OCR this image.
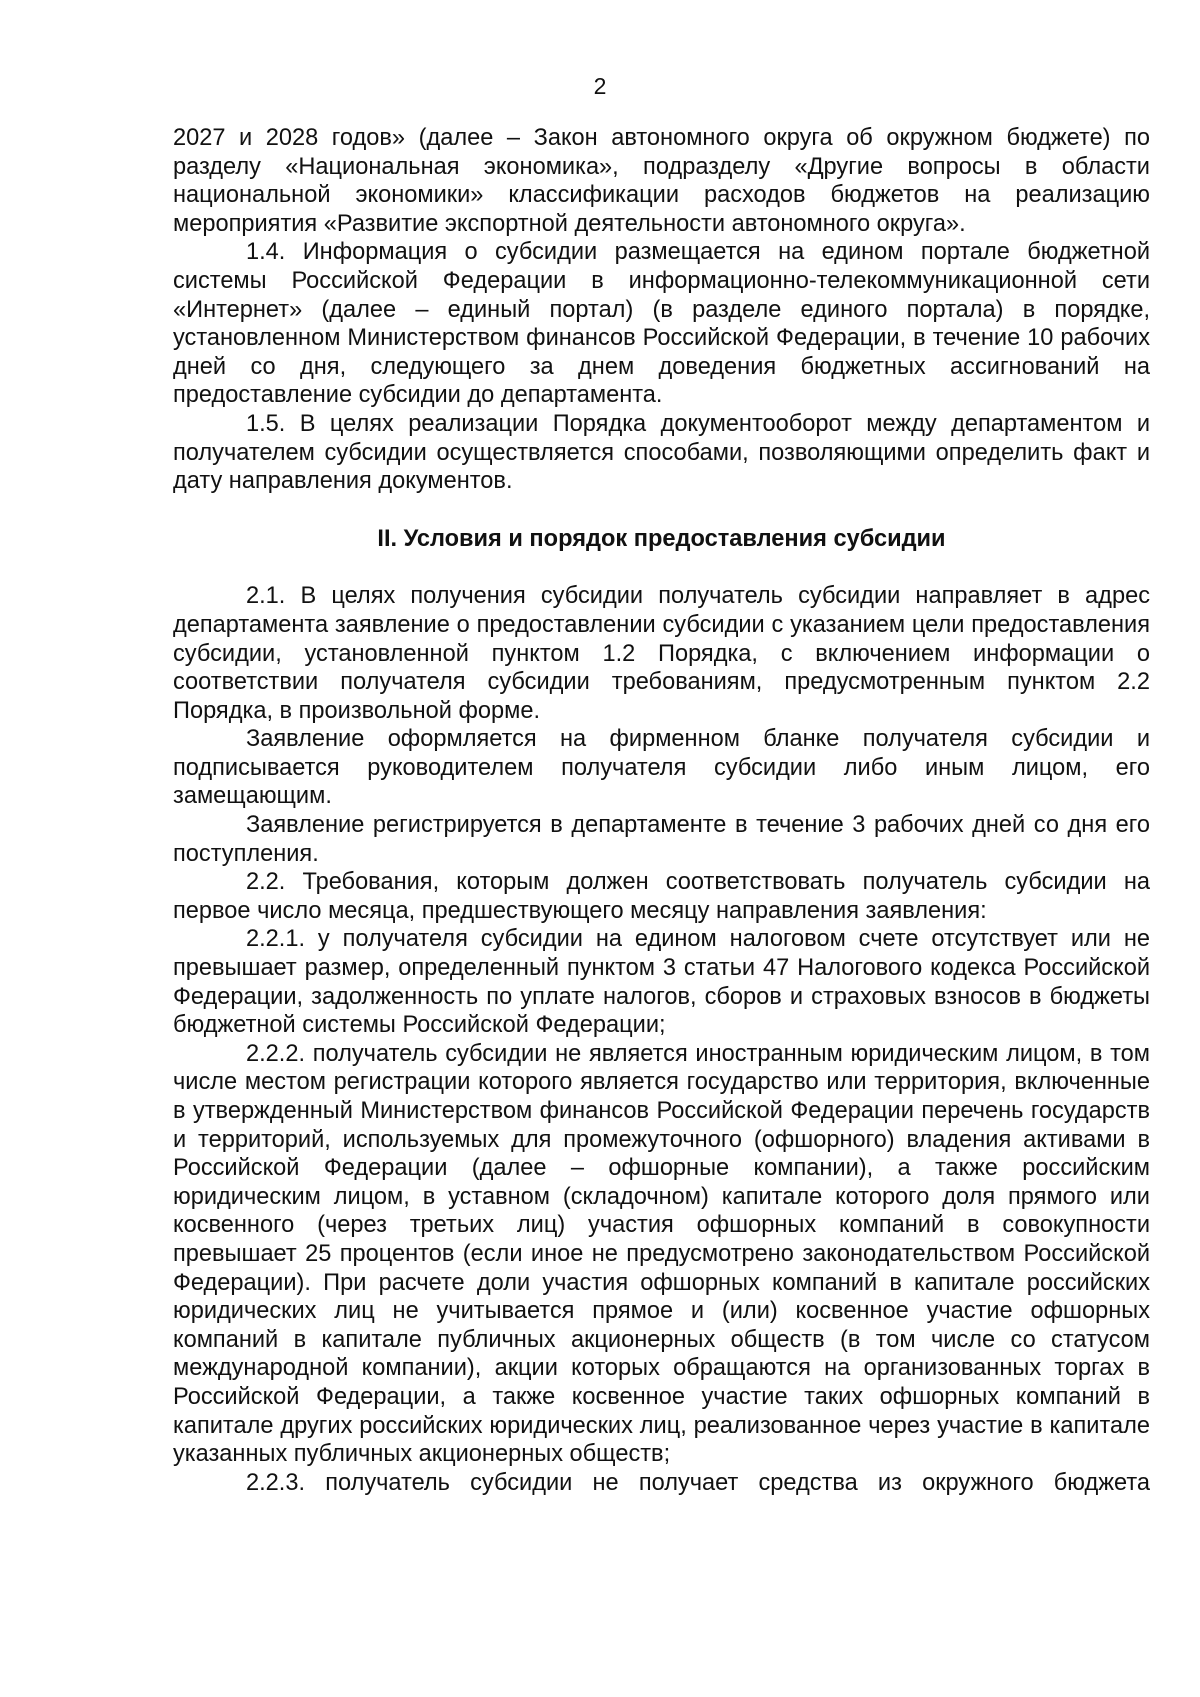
2

2027 и 2028 годов» (далее – Закон автономного округа об окружном бюджете) по разделу «Национальная экономика», подразделу «Другие вопросы в области национальной экономики» классификации расходов бюджетов на реализацию мероприятия «Развитие экспортной деятельности автономного округа».

1.4. Информация о субсидии размещается на едином портале бюджетной системы Российской Федерации в информационно-телекоммуникационной сети «Интернет» (далее – единый портал) (в разделе единого портала) в порядке, установленном Министерством финансов Российской Федерации, в течение 10 рабочих дней со дня, следующего за днем доведения бюджетных ассигнований на предоставление субсидии до департамента.

1.5. В целях реализации Порядка документооборот между департаментом и получателем субсидии осуществляется способами, позволяющими определить факт и дату направления документов.

II. Условия и порядок предоставления субсидии

2.1. В целях получения субсидии получатель субсидии направляет в адрес департамента заявление о предоставлении субсидии с указанием цели предоставления субсидии, установленной пунктом 1.2 Порядка, с включением информации о соответствии получателя субсидии требованиям, предусмотренным пунктом 2.2 Порядка, в произвольной форме.

Заявление оформляется на фирменном бланке получателя субсидии и подписывается руководителем получателя субсидии либо иным лицом, его замещающим.

Заявление регистрируется в департаменте в течение 3 рабочих дней со дня его поступления.

2.2. Требования, которым должен соответствовать получатель субсидии на первое число месяца, предшествующего месяцу направления заявления:

2.2.1. у получателя субсидии на едином налоговом счете отсутствует или не превышает размер, определенный пунктом 3 статьи 47 Налогового кодекса Российской Федерации, задолженность по уплате налогов, сборов и страховых взносов в бюджеты бюджетной системы Российской Федерации;

2.2.2. получатель субсидии не является иностранным юридическим лицом, в том числе местом регистрации которого является государство или территория, включенные в утвержденный Министерством финансов Российской Федерации перечень государств и территорий, используемых для промежуточного (офшорного) владения активами в Российской Федерации (далее – офшорные компании), а также российским юридическим лицом, в уставном (складочном) капитале которого доля прямого или косвенного (через третьих лиц) участия офшорных компаний в совокупности превышает 25 процентов (если иное не предусмотрено законодательством Российской Федерации). При расчете доли участия офшорных компаний в капитале российских юридических лиц не учитывается прямое и (или) косвенное участие офшорных компаний в капитале публичных акционерных обществ (в том числе со статусом международной компании), акции которых обращаются на организованных торгах в Российской Федерации, а также косвенное участие таких офшорных компаний в капитале других российских юридических лиц, реализованное через участие в капитале указанных публичных акционерных обществ;

2.2.3. получатель субсидии не получает средства из окружного бюджета
